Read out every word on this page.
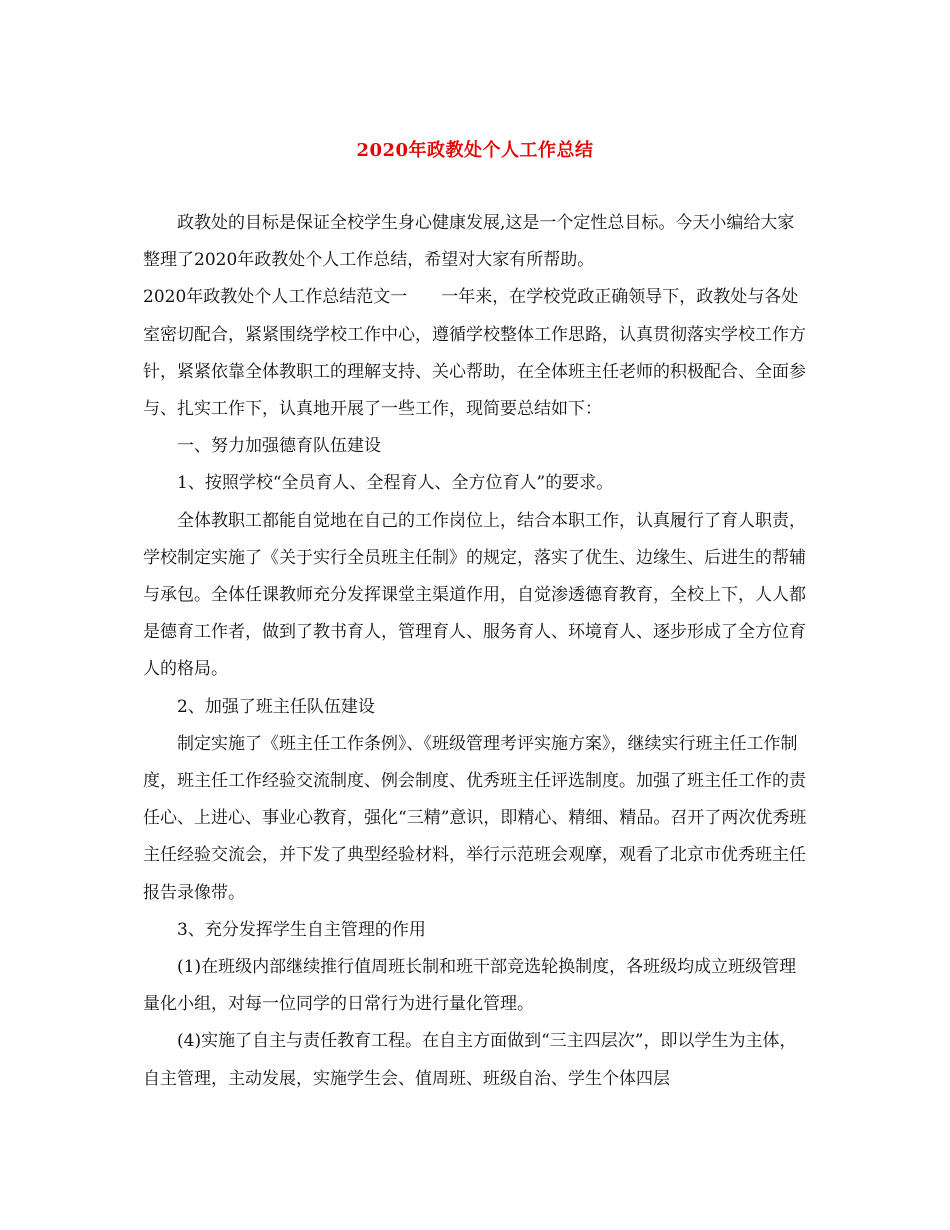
2020年政教处个人工作总结

政教处的目标是保证全校学生身心健康发展,这是一个定性总目标。今天小编给大家整理了2020年政教处个人工作总结，希望对大家有所帮助。

2020年政教处个人工作总结范文一　　一年来，在学校党政正确领导下，政教处与各处室密切配合，紧紧围绕学校工作中心，遵循学校整体工作思路，认真贯彻落实学校工作方针，紧紧依靠全体教职工的理解支持、关心帮助，在全体班主任老师的积极配合、全面参与、扎实工作下，认真地开展了一些工作，现简要总结如下：

一、努力加强德育队伍建设

1、按照学校“全员育人、全程育人、全方位育人”的要求。

全体教职工都能自觉地在自己的工作岗位上，结合本职工作，认真履行了育人职责，学校制定实施了《关于实行全员班主任制》的规定，落实了优生、边缘生、后进生的帮辅与承包。全体任课教师充分发挥课堂主渠道作用，自觉渗透德育教育，全校上下，人人都是德育工作者，做到了教书育人，管理育人、服务育人、环境育人、逐步形成了全方位育人的格局。

2、加强了班主任队伍建设

制定实施了《班主任工作条例》、《班级管理考评实施方案》，继续实行班主任工作制度，班主任工作经验交流制度、例会制度、优秀班主任评选制度。加强了班主任工作的责任心、上进心、事业心教育，强化“三精”意识，即精心、精细、精品。召开了两次优秀班主任经验交流会，并下发了典型经验材料，举行示范班会观摩，观看了北京市优秀班主任报告录像带。

3、充分发挥学生自主管理的作用

(1)在班级内部继续推行值周班长制和班干部竞选轮换制度，各班级均成立班级管理量化小组，对每一位同学的日常行为进行量化管理。

(4)实施了自主与责任教育工程。在自主方面做到“三主四层次”，即以学生为主体，自主管理，主动发展，实施学生会、值周班、班级自治、学生个体四层
